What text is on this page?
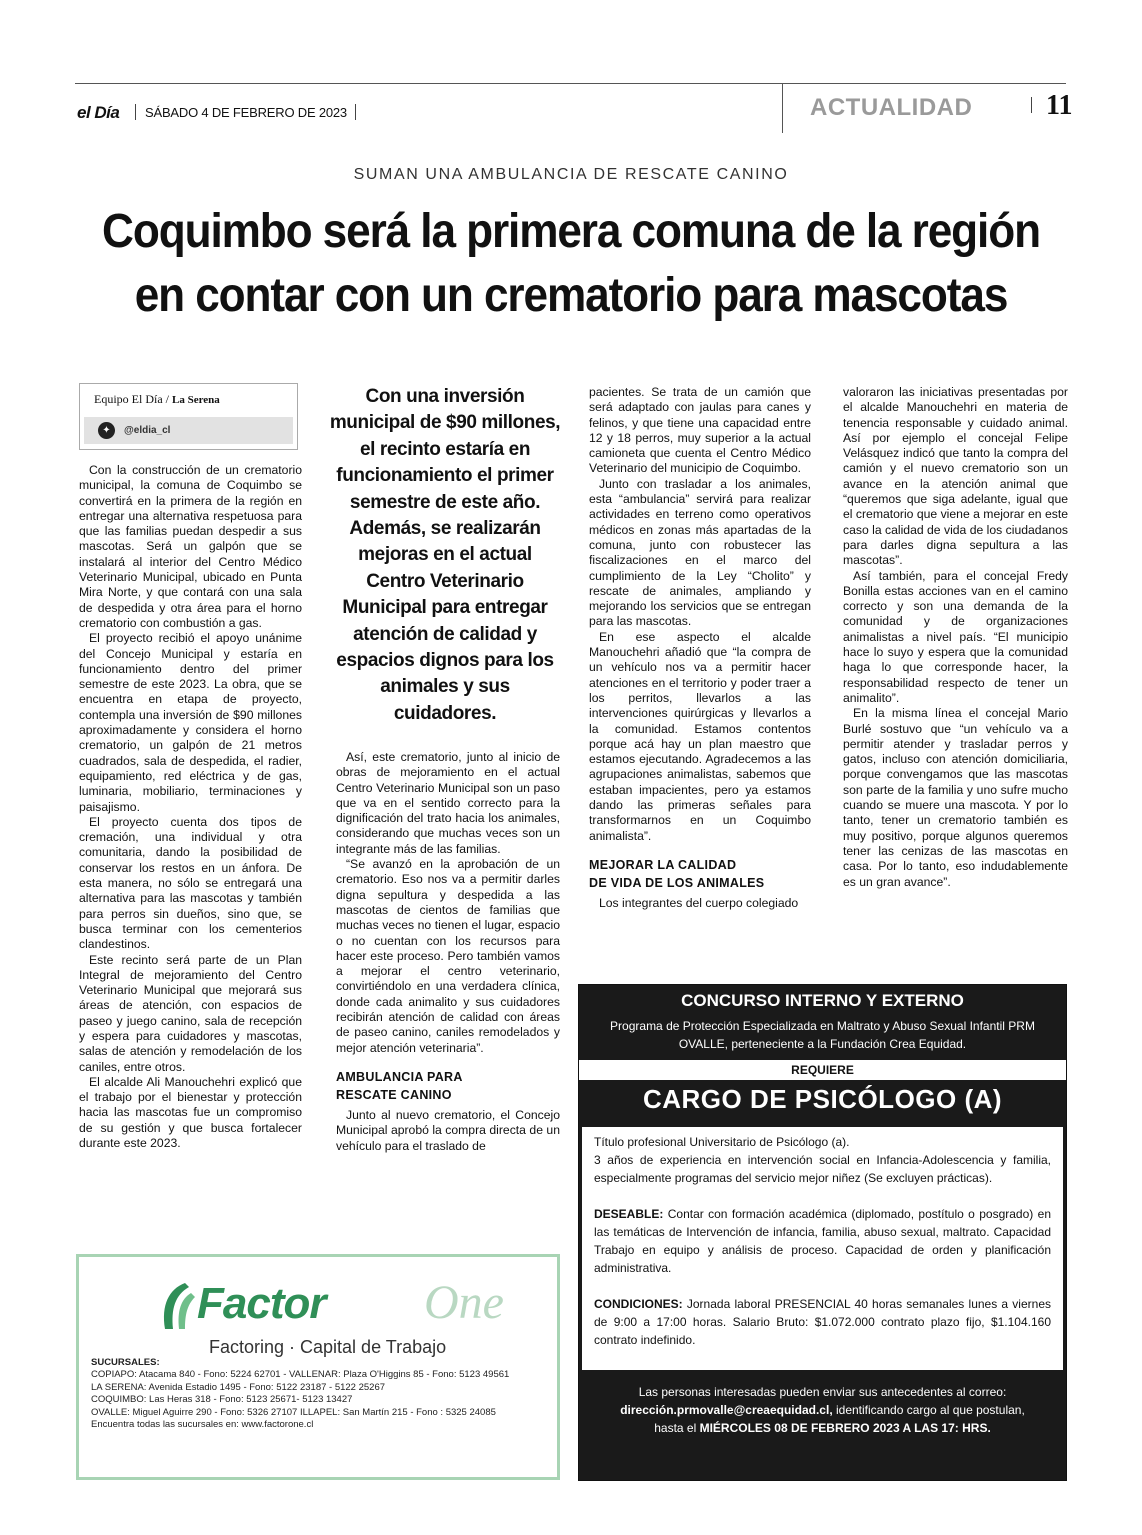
el Día SÁBADO 4 DE FEBRERO DE 2023	ACTUALIDAD	11
SUMAN UNA AMBULANCIA DE RESCATE CANINO
Coquimbo será la primera comuna de la región
en contar con un crematorio para mascotas
Equipo El Día / La Serena
✦	@eldia_cl

Con la construcción de un crematorio municipal, la comuna de Coquimbo se convertirá en la primera de la región en entregar una alternativa respetuosa para que las familias puedan despedir a sus mascotas. Será un galpón que se instalará al interior del Centro Médico Veterinario Municipal, ubicado en Punta Mira Norte, y que contará con una sala de despedida y otra área para el horno crematorio con combustión a gas.

El proyecto recibió el apoyo unánime del Concejo Municipal y estaría en funcionamiento dentro del primer semestre de este 2023. La obra, que se encuentra en etapa de proyecto, contempla una inversión de $90 millones aproximadamente y considera el horno crematorio, un galpón de 21 metros cuadrados, sala de despedida, el radier, equipamiento, red eléctrica y de gas, luminaria, mobiliario, terminaciones y paisajismo.

El proyecto cuenta dos tipos de cremación, una individual y otra comunitaria, dando la posibilidad de conservar los restos en un ánfora. De esta manera, no sólo se entregará una alternativa para las mascotas y también para perros sin dueños, sino que, se busca terminar con los cementerios clandestinos.

Este recinto será parte de un Plan Integral de mejoramiento del Centro Veterinario Municipal que mejorará sus áreas de atención, con espacios de paseo y juego canino, sala de recepción y espera para cuidadores y mascotas, salas de atención y remodelación de los caniles, entre otros.

El alcalde Ali Manouchehri explicó que el trabajo por el bienestar y protección hacia las mascotas fue un compromiso de su gestión y que busca fortalecer durante este 2023.

Con una inversión municipal de $90 millones, el recinto estaría en funcionamiento el primer semestre de este año. Además, se realizarán mejoras en el actual Centro Veterinario Municipal para entregar atención de calidad y espacios dignos para los animales y sus cuidadores.

Así, este crematorio, junto al inicio de obras de mejoramiento en el actual Centro Veterinario Municipal son un paso que va en el sentido correcto para la dignificación del trato hacia los animales, considerando que muchas veces son un integrante más de las familias.

“Se avanzó en la aprobación de un crematorio. Eso nos va a permitir darles digna sepultura y despedida a las mascotas de cientos de familias que muchas veces no tienen el lugar, espacio o no cuentan con los recursos para hacer este proceso. Pero también vamos a mejorar el centro veterinario, convirtiéndolo en una verdadera clínica, donde cada animalito y sus cuidadores recibirán atención de calidad con áreas de paseo canino, caniles remodelados y mejor atención veterinaria”.

AMBULANCIA PARA
RESCATE CANINO

Junto al nuevo crematorio, el Concejo Municipal aprobó la compra directa de un vehículo para el traslado de

pacientes. Se trata de un camión que será adaptado con jaulas para canes y felinos, y que tiene una capacidad entre 12 y 18 perros, muy superior a la actual camioneta que cuenta el Centro Médico Veterinario del municipio de Coquimbo.

Junto con trasladar a los animales, esta “ambulancia” servirá para realizar actividades en terreno como operativos médicos en zonas más apartadas de la comuna, junto con robustecer las fiscalizaciones en el marco del cumplimiento de la Ley “Cholito” y rescate de animales, ampliando y mejorando los servicios que se entregan para las mascotas.

En ese aspecto el alcalde Manouchehri añadió que “la compra de un vehículo nos va a permitir hacer atenciones en el territorio y poder traer a los perritos, llevarlos a las intervenciones quirúrgicas y llevarlos a la comunidad. Estamos contentos porque acá hay un plan maestro que estamos ejecutando. Agradecemos a las agrupaciones animalistas, sabemos que estaban impacientes, pero ya estamos dando las primeras señales para transformarnos en un Coquimbo animalista”.

MEJORAR LA CALIDAD
DE VIDA DE LOS ANIMALES

Los integrantes del cuerpo colegiado

valoraron las iniciativas presentadas por el alcalde Manouchehri en materia de tenencia responsable y cuidado animal. Así por ejemplo el concejal Felipe Velásquez indicó que tanto la compra del camión y el nuevo crematorio son un avance en la atención animal que “queremos que siga adelante, igual que el crematorio que viene a mejorar en este caso la calidad de vida de los ciudadanos para darles digna sepultura a las mascotas”.

Así también, para el concejal Fredy Bonilla estas acciones van en el camino correcto y son una demanda de la comunidad y de organizaciones animalistas a nivel país. “El municipio hace lo suyo y espera que la comunidad haga lo que corresponde hacer, la responsabilidad respecto de tener un animalito”.

En la misma línea el concejal Mario Burlé sostuvo que “un vehículo va a permitir atender y trasladar perros y gatos, incluso con atención domiciliaria, porque convengamos que las mascotas son parte de la familia y uno sufre mucho cuando se muere una mascota. Y por lo tanto, tener un crematorio también es muy positivo, porque algunos queremos tener las cenizas de las mascotas en casa. Por lo tanto, eso indudablemente es un gran avance”.

Factor One
Factoring · Capital de Trabajo
SUCURSALES:
COPIAPO: Atacama 840 - Fono: 5224 62701 - VALLENAR: Plaza O'Higgins 85 - Fono: 5123 49561
LA SERENA: Avenida Estadio 1495 - Fono: 5122 23187 - 5122 25267
COQUIMBO: Las Heras 318 - Fono: 5123 25671- 5123 13427
OVALLE: Miguel Aguirre 290 - Fono: 5326 27107 ILLAPEL: San Martín 215 - Fono : 5325 24085
Encuentra todas las sucursales en: www.factorone.cl
CONCURSO INTERNO Y EXTERNO
Programa de Protección Especializada en Maltrato y Abuso Sexual Infantil PRM OVALLE, perteneciente a la Fundación Crea Equidad.
REQUIERE
CARGO DE PSICÓLOGO (A)

Título profesional Universitario de Psicólogo (a).

3 años de experiencia en intervención social en Infancia-Adolescencia y familia, especialmente programas del servicio mejor niñez (Se excluyen prácticas).

DESEABLE: Contar con formación académica (diplomado, postítulo o posgrado) en las temáticas de Intervención de infancia, familia, abuso sexual, maltrato. Capacidad Trabajo en equipo y análisis de proceso. Capacidad de orden y planificación administrativa.

CONDICIONES: Jornada laboral PRESENCIAL 40 horas semanales lunes a viernes de 9:00 a 17:00 horas. Salario Bruto: $1.072.000 contrato plazo fijo, $1.104.160 contrato indefinido.

Las personas interesadas pueden enviar sus antecedentes al correo:
dirección.prmovalle@creaequidad.cl, identificando cargo al que postulan,
hasta el MIÉRCOLES 08 DE FEBRERO 2023 A LAS 17: HRS.
